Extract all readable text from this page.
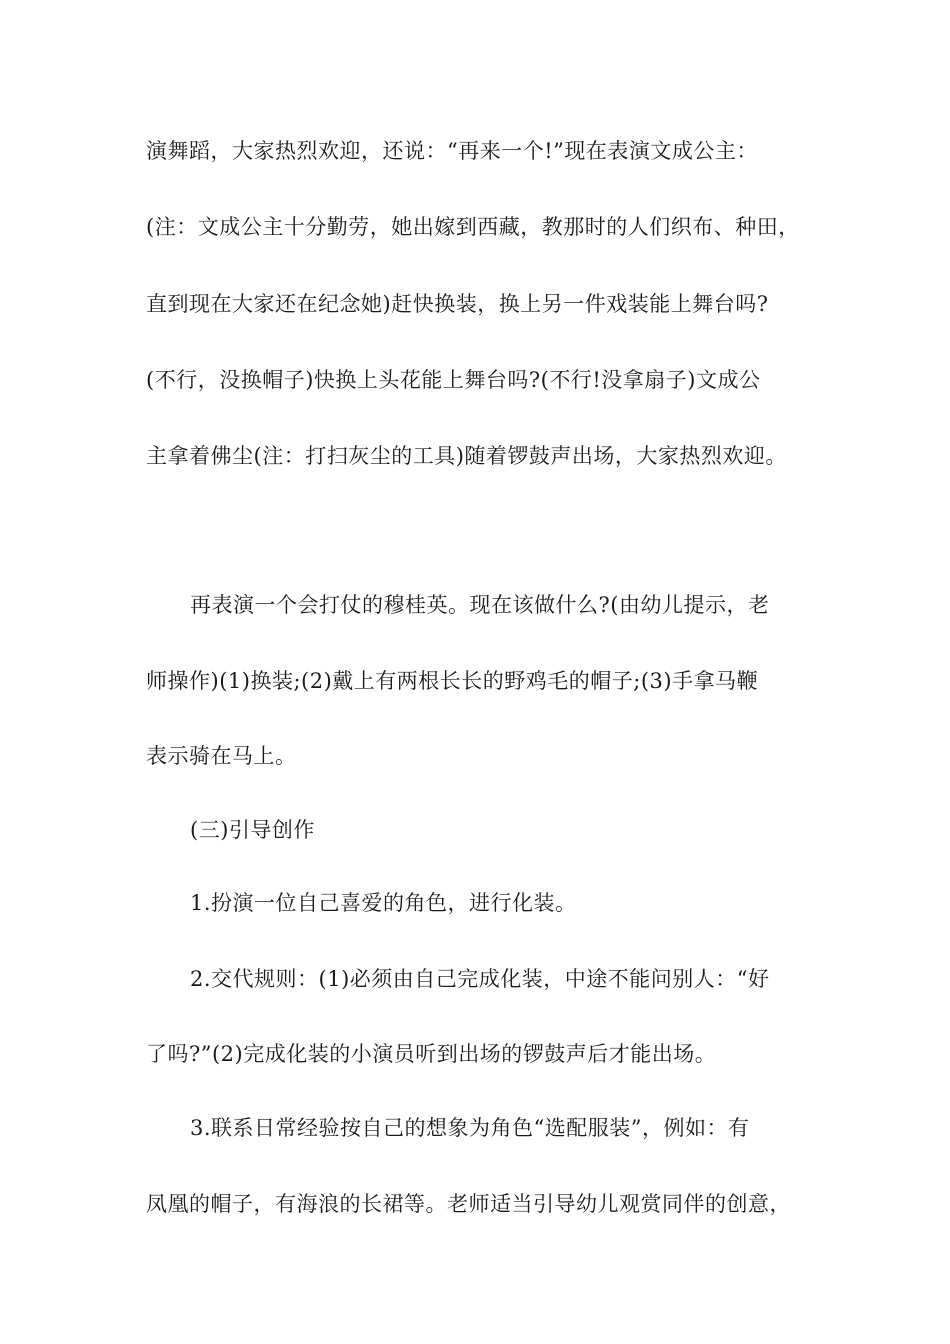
演舞蹈，大家热烈欢迎，还说：“再来一个!”现在表演文成公主：
(注：文成公主十分勤劳，她出嫁到西藏，教那时的人们织布、种田，
直到现在大家还在纪念她)赶快换装，换上另一件戏装能上舞台吗?
(不行，没换帽子)快换上头花能上舞台吗?(不行!没拿扇子)文成公
主拿着佛尘(注：打扫灰尘的工具)随着锣鼓声出场，大家热烈欢迎。
再表演一个会打仗的穆桂英。现在该做什么?(由幼儿提示，老
师操作)(1)换装;(2)戴上有两根长长的野鸡毛的帽子;(3)手拿马鞭
表示骑在马上。
(三)引导创作
1.扮演一位自己喜爱的角色，进行化装。
2.交代规则：(1)必须由自己完成化装，中途不能问别人：“好
了吗?”(2)完成化装的小演员听到出场的锣鼓声后才能出场。
3.联系日常经验按自己的想象为角色“选配服装”，例如：有
凤凰的帽子，有海浪的长裙等。老师适当引导幼儿观赏同伴的创意，
